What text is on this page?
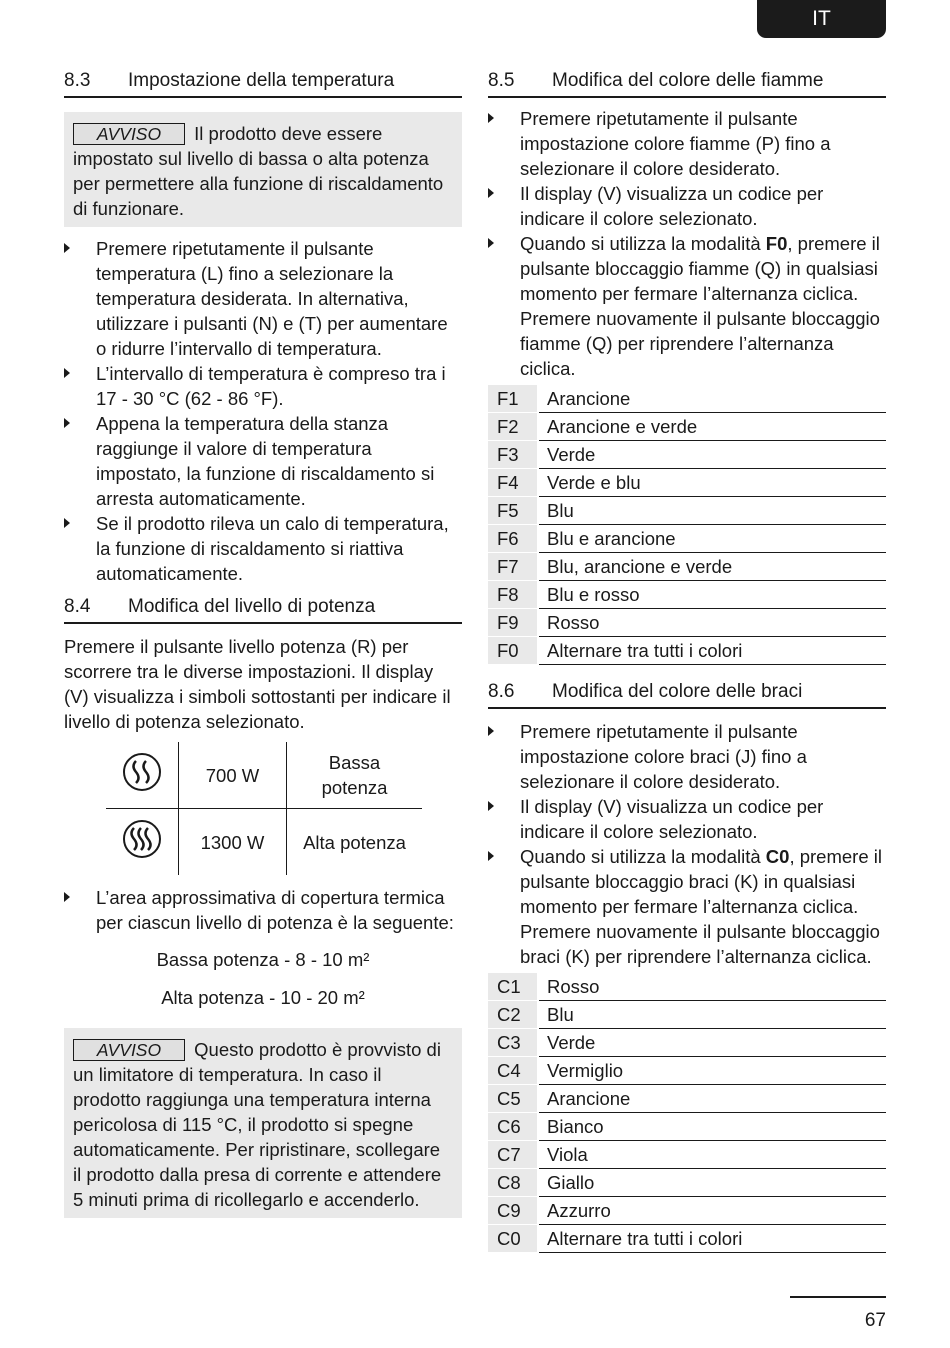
IT
8.3	Impostazione della temperatura
AVVISO Il prodotto deve essere impostato sul livello di bassa o alta potenza per permettere alla funzione di riscaldamento di funzionare.
Premere ripetutamente il pulsante temperatura (L) fino a selezionare la temperatura desiderata. In alternativa, utilizzare i pulsanti (N) e (T) per aumentare o ridurre l’intervallo di temperatura.
L’intervallo di temperatura è compreso tra i 17 - 30 °C (62 - 86 °F).
Appena la temperatura della stanza raggiunge il valore di temperatura impostato, la funzione di riscaldamento si arresta automaticamente.
Se il prodotto rileva un calo di temperatura, la funzione di riscaldamento si riattiva automaticamente.
8.4	Modifica del livello di potenza

Premere il pulsante livello potenza (R) per scorrere tra le diverse impostazioni. Il display (V) visualizza i simboli sottostanti per indicare il livello di potenza selezionato.

	700 W	Bassa potenza
	1300 W	Alta potenza
L’area approssimativa di copertura termica per ciascun livello di potenza è la seguente:
Bassa potenza - 8 - 10 m²
Alta potenza - 10 - 20 m²
AVVISO Questo prodotto è provvisto di un limitatore di temperatura. In caso il prodotto raggiunga una temperatura interna pericolosa di 115 °C, il prodotto si spegne automaticamente. Per ripristinare, scollegare il prodotto dalla presa di corrente e attendere 5 minuti prima di ricollegarlo e accenderlo.
8.5	Modifica del colore delle fiamme
Premere ripetutamente il pulsante impostazione colore fiamme (P) fino a selezionare il colore desiderato.
Il display (V) visualizza un codice per indicare il colore selezionato.
Quando si utilizza la modalità F0, premere il pulsante bloccaggio fiamme (Q) in qualsiasi momento per fermare l’alternanza ciclica. Premere nuovamente il pulsante bloccaggio fiamme (Q) per riprendere l’alternanza ciclica.
F1	Arancione
F2	Arancione e verde
F3	Verde
F4	Verde e blu
F5	Blu
F6	Blu e arancione
F7	Blu, arancione e verde
F8	Blu e rosso
F9	Rosso
F0	Alternare tra tutti i colori
8.6	Modifica del colore delle braci
Premere ripetutamente il pulsante impostazione colore braci (J) fino a selezionare il colore desiderato.
Il display (V) visualizza un codice per indicare il colore selezionato.
Quando si utilizza la modalità C0, premere il pulsante bloccaggio braci (K) in qualsiasi momento per fermare l’alternanza ciclica. Premere nuovamente il pulsante bloccaggio braci (K) per riprendere l’alternanza ciclica.
C1	Rosso
C2	Blu
C3	Verde
C4	Vermiglio
C5	Arancione
C6	Bianco
C7	Viola
C8	Giallo
C9	Azzurro
C0	Alternare tra tutti i colori
67
